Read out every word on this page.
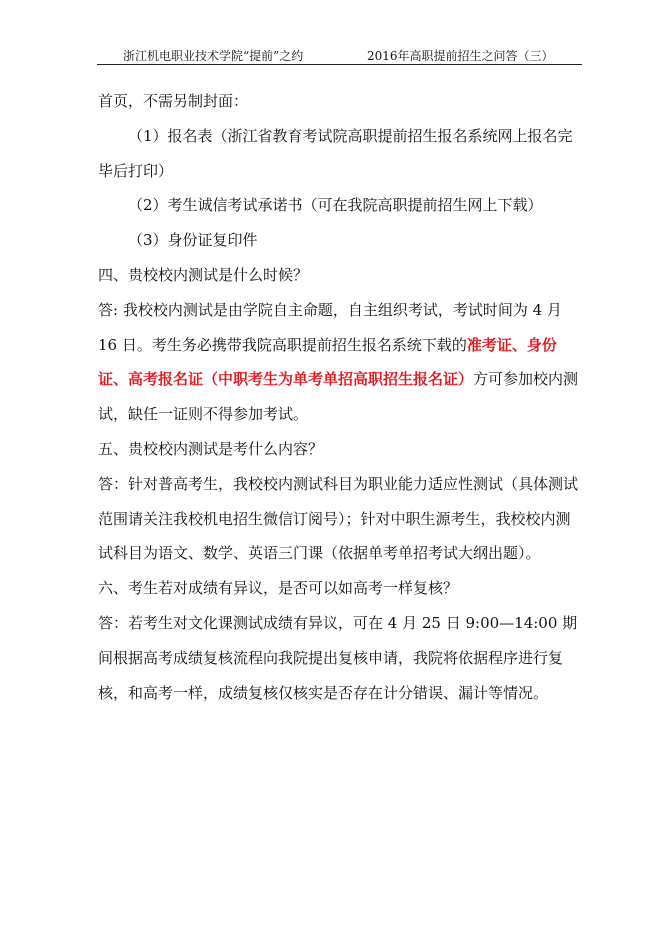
浙江机电职业技术学院“提前”之约	2016年高职提前招生之问答（三）

首页，不需另制封面：

（1）报名表（浙江省教育考试院高职提前招生报名系统网上报名完毕后打印）

（2）考生诚信考试承诺书（可在我院高职提前招生网上下载）

（3）身份证复印件

四、贵校校内测试是什么时候？

答: 我校校内测试是由学院自主命题，自主组织考试，考试时间为 4 月 16 日。考生务必携带我院高职提前招生报名系统下载的准考证、身份证、高考报名证（中职考生为单考单招高职招生报名证）方可参加校内测试，缺任一证则不得参加考试。

五、贵校校内测试是考什么内容？

答：针对普高考生，我校校内测试科目为职业能力适应性测试（具体测试范围请关注我校机电招生微信订阅号）；针对中职生源考生，我校校内测试科目为语文、数学、英语三门课（依据单考单招考试大纲出题）。

六、考生若对成绩有异议，是否可以如高考一样复核？

答：若考生对文化课测试成绩有异议，可在 4 月 25 日 9:00—14:00 期间根据高考成绩复核流程向我院提出复核申请，我院将依据程序进行复核，和高考一样，成绩复核仅核实是否存在计分错误、漏计等情况。
